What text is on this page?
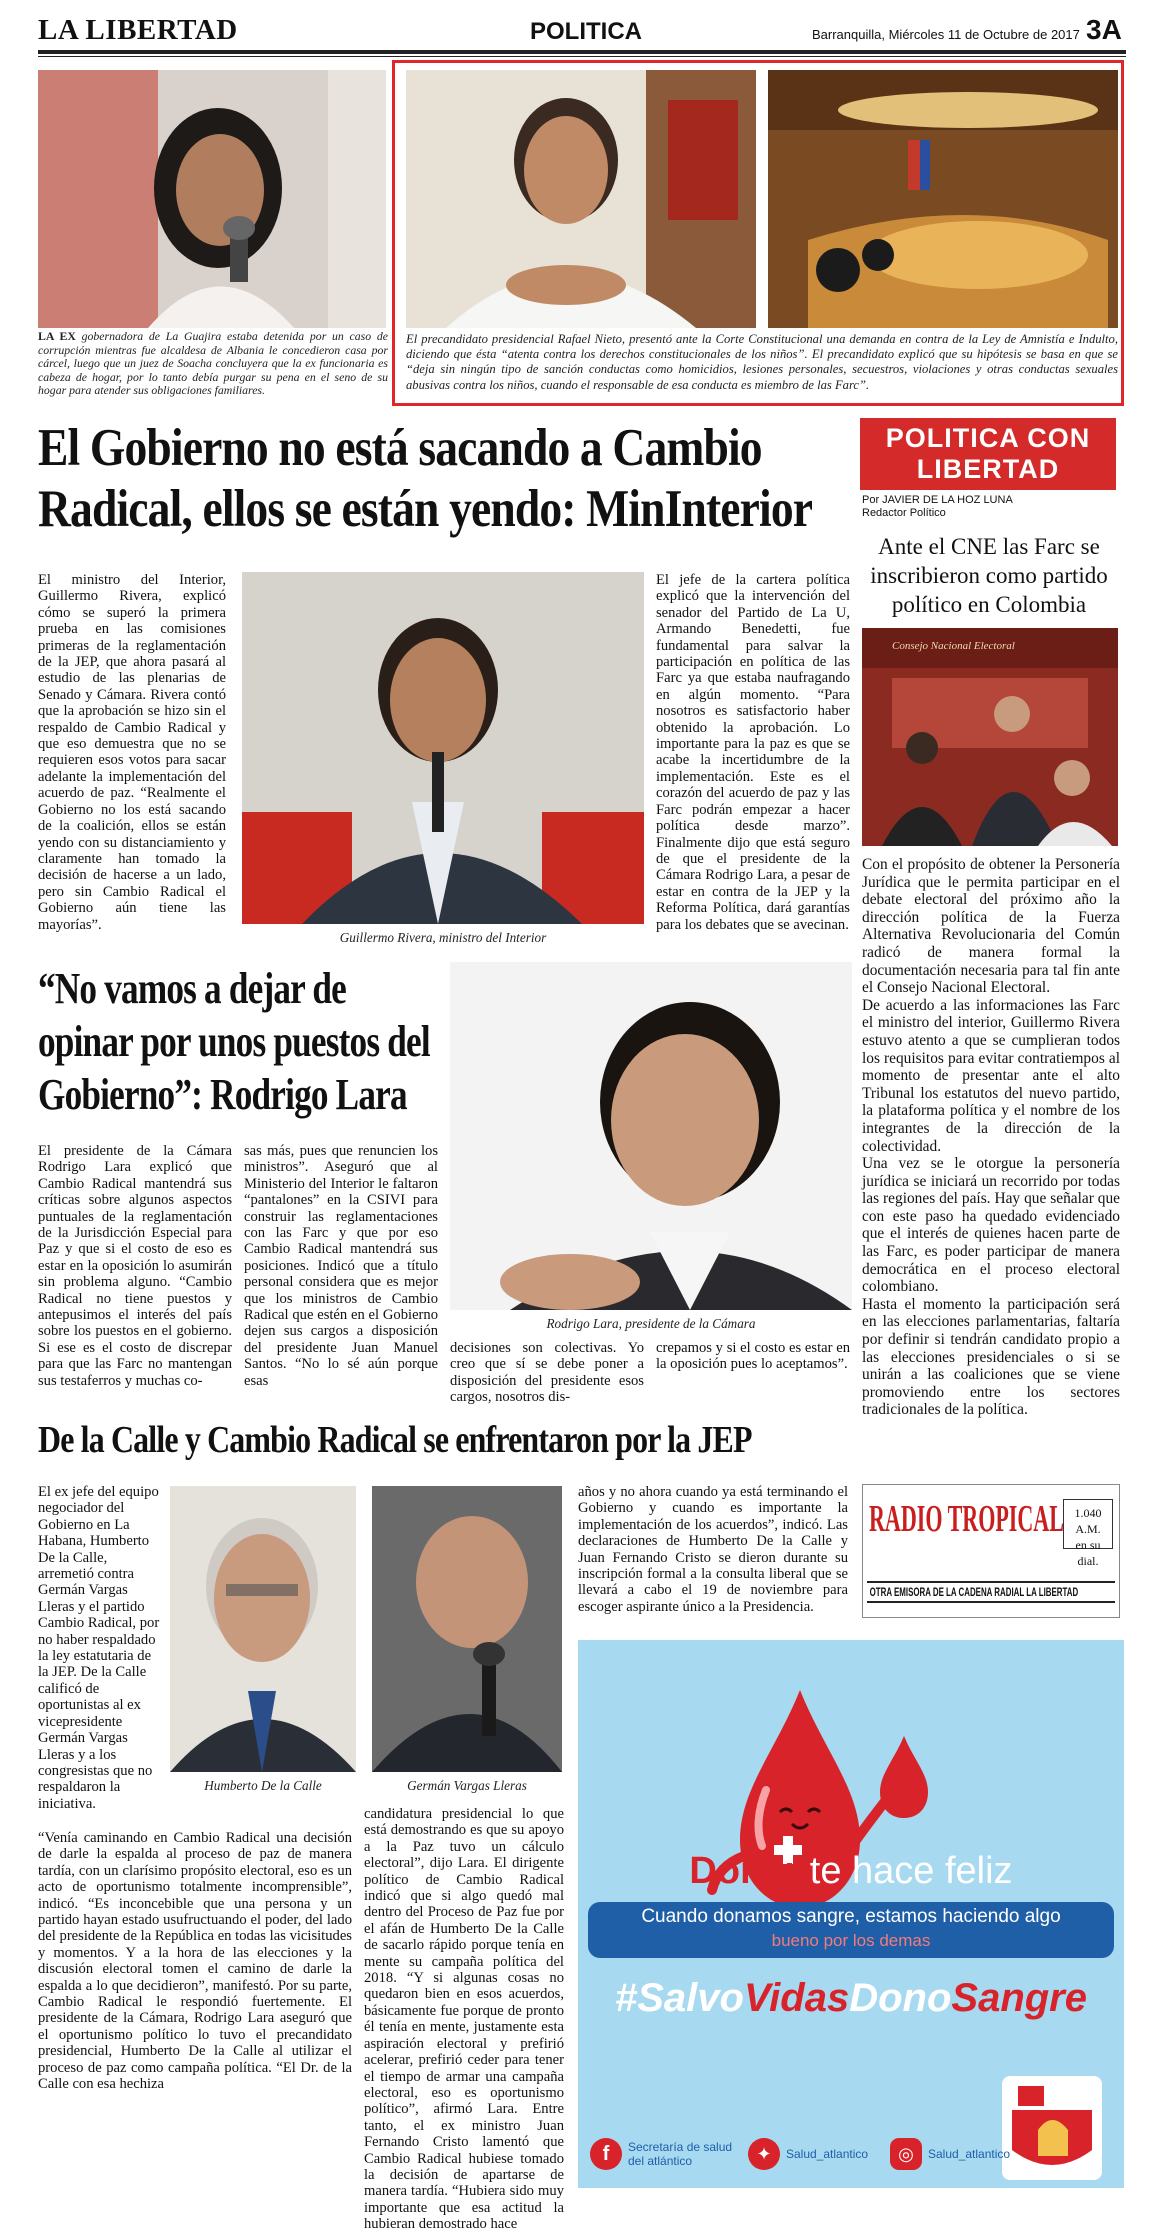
LA LIBERTAD	POLITICA	Barranquilla, Miércoles 11 de Octubre de 2017 3A
LA EX gobernadora de La Guajira estaba detenida por un caso de corrupción mientras fue alcaldesa de Albania le concedieron casa por cárcel, luego que un juez de Soacha concluyera que la ex funcionaria es cabeza de hogar, por lo tanto debía purgar su pena en el seno de su hogar para atender sus obligaciones familiares.
El precandidato presidencial Rafael Nieto, presentó ante la Corte Constitucional una demanda en contra de la Ley de Amnistía e Indulto, diciendo que ésta “atenta contra los derechos constitucionales de los niños”. El precandidato explicó que su hipótesis se basa en que se “deja sin ningún tipo de sanción conductas como homicidios, lesiones personales, secuestros, violaciones y otras conductas sexuales abusivas contra los niños, cuando el responsable de esa conducta es miembro de las Farc”.
El Gobierno no está sacando a Cambio
Radical, ellos se están yendo: MinInterior
El ministro del Interior, Guillermo Rivera, explicó cómo se superó la primera prueba en las comisiones primeras de la reglamentación de la JEP, que ahora pasará al estudio de las plenarias de Senado y Cámara. Rivera contó que la aprobación se hizo sin el respaldo de Cambio Radical y que eso demuestra que no se requieren esos votos para sacar adelante la implementación del acuerdo de paz. “Realmente el Gobierno no los está sacando de la coalición, ellos se están yendo con su distanciamiento y claramente han tomado la decisión de hacerse a un lado, pero sin Cambio Radical el Gobierno aún tiene las mayorías”.
Guillermo Rivera, ministro del Interior
El jefe de la cartera política explicó que la intervención del senador del Partido de La U, Armando Benedetti, fue fundamental para salvar la participación en política de las Farc ya que estaba naufragando en algún momento. “Para nosotros es satisfactorio haber obtenido la aprobación. Lo importante para la paz es que se acabe la incertidumbre de la implementación. Este es el corazón del acuerdo de paz y las Farc podrán empezar a hacer política desde marzo”. Finalmente dijo que está seguro de que el presidente de la Cámara Rodrigo Lara, a pesar de estar en contra de la JEP y la Reforma Política, dará garantías para los debates que se avecinan.
“No vamos a dejar de
opinar por unos puestos del
Gobierno”: Rodrigo Lara
Rodrigo Lara, presidente de la Cámara
El presidente de la Cámara Rodrigo Lara explicó que Cambio Radical mantendrá sus críticas sobre algunos aspectos puntuales de la reglamentación de la Jurisdicción Especial para Paz y que si el costo de eso es estar en la oposición lo asumirán sin problema alguno. “Cambio Radical no tiene puestos y antepusimos el interés del país sobre los puestos en el gobierno. Si ese es el costo de discrepar para que las Farc no mantengan sus testaferros y muchas co-
sas más, pues que renuncien los ministros”. Aseguró que al Ministerio del Interior le faltaron “pantalones” en la CSIVI para construir las reglamentaciones con las Farc y que por eso Cambio Radical mantendrá sus posiciones. Indicó que a título personal considera que es mejor que los ministros de Cambio Radical que estén en el Gobierno dejen sus cargos a disposición del presidente Juan Manuel Santos. “No lo sé aún porque esas
decisiones son colectivas. Yo creo que sí se debe poner a disposición del presidente esos cargos, nosotros dis-
crepamos y si el costo es estar en la oposición pues lo aceptamos”.
De la Calle y Cambio Radical se enfrentaron por la JEP
El ex jefe del equipo negociador del Gobierno en La Habana, Humberto De la Calle, arremetió contra Germán Vargas Lleras y el partido Cambio Radical, por no haber respaldado la ley estatutaria de la JEP. De la Calle calificó de oportunistas al ex vicepresidente Germán Vargas Lleras y a los congresistas que no respaldaron la iniciativa.
Humberto De la Calle	Germán Vargas Lleras
“Venía caminando en Cambio Radical una decisión de darle la espalda al proceso de paz de manera tardía, con un clarísimo propósito electoral, eso es un acto de oportunismo totalmente incomprensible”, indicó. “Es inconcebible que una persona y un partido hayan estado usufructuando el poder, del lado del presidente de la República en todas las vicisitudes y momentos. Y a la hora de las elecciones y la discusión electoral tomen el camino de darle la espalda a lo que decidieron”, manifestó. Por su parte, Cambio Radical le respondió fuertemente. El presidente de la Cámara, Rodrigo Lara aseguró que el oportunismo político lo tuvo el precandidato presidencial, Humberto De la Calle al utilizar el proceso de paz como campaña política. “El Dr. de la Calle con esa hechiza
candidatura presidencial lo que está demostrando es que su apoyo a la Paz tuvo un cálculo electoral”, dijo Lara. El dirigente político de Cambio Radical indicó que si algo quedó mal dentro del Proceso de Paz fue por el afán de Humberto De la Calle de sacarlo rápido porque tenía en mente su campaña política del 2018. “Y si algunas cosas no quedaron bien en esos acuerdos, básicamente fue porque de pronto él tenía en mente, justamente esta aspiración electoral y prefirió acelerar, prefirió ceder para tener el tiempo de armar una campaña electoral, eso es oportunismo político”, afirmó Lara. Entre tanto, el ex ministro Juan Fernando Cristo lamentó que Cambio Radical hubiese tomado la decisión de apartarse de manera tardía. “Hubiera sido muy importante que esa actitud la hubieran demostrado hace
años y no ahora cuando ya está terminando el Gobierno y cuando es importante la implementación de los acuerdos”, indicó. Las declaraciones de Humberto De la Calle y Juan Fernando Cristo se dieron durante su inscripción formal a la consulta liberal que se llevará a cabo el 19 de noviembre para escoger aspirante único a la Presidencia.
POLITICA CON
LIBERTAD
Por JAVIER DE LA HOZ LUNA
Redactor Político
Ante el CNE las Farc se inscribieron como partido político en Colombia
Consejo Nacional Electoral

Con el propósito de obtener la Personería Jurídica que le permita participar en el debate electoral del próximo año la dirección política de la Fuerza Alternativa Revolucionaria del Común radicó de manera formal la documentación necesaria para tal fin ante el Consejo Nacional Electoral.

De acuerdo a las informaciones las Farc el ministro del interior, Guillermo Rivera estuvo atento a que se cumplieran todos los requisitos para evitar contratiempos al momento de presentar ante el alto Tribunal los estatutos del nuevo partido, la plataforma política y el nombre de los integrantes de la dirección de la colectividad.

Una vez se le otorgue la personería jurídica se iniciará un recorrido por todas las regiones del país. Hay que señalar que con este paso ha quedado evidenciado que el interés de quienes hacen parte de las Farc, es poder participar de manera democrática en el proceso electoral colombiano.

Hasta el momento la participación será en las elecciones parlamentarias, faltaría por definir si tendrán candidato propio a las elecciones presidenciales o si se unirán a las coaliciones que se viene promoviendo entre los sectores tradicionales de la política.

RADIO TROPICAL 1.040 A.M.
en su dial.
OTRA EMISORA DE LA CADENA RADIAL LA LIBERTAD
Donar te hace feliz
Cuando donamos sangre, estamos haciendo algo
bueno por los demas
#SalvoVidasDonoSangre
f	Secretaría de salud del atlántico	✦	Salud_atlantico	◎	Salud_atlantico
